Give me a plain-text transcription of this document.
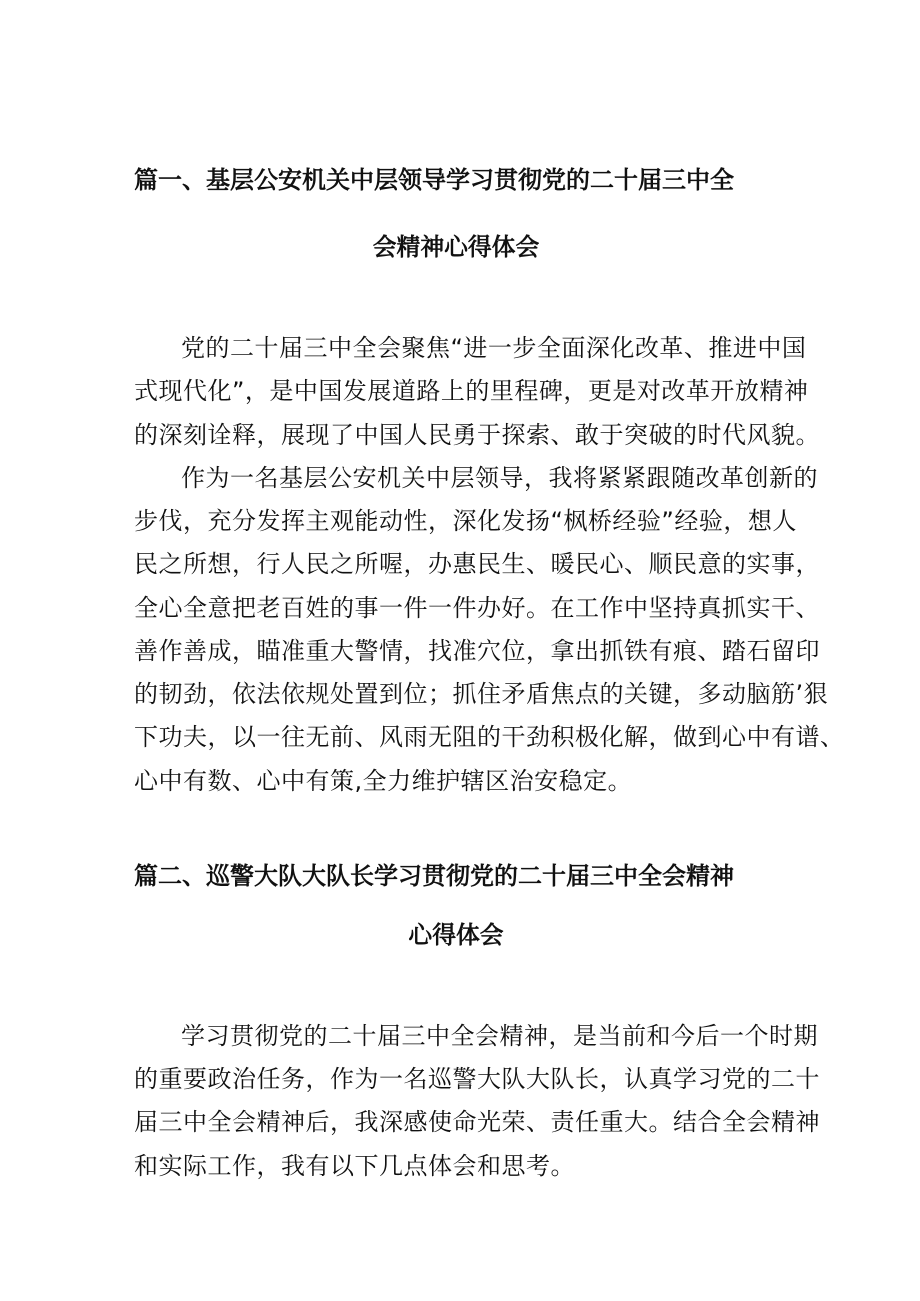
篇一、基层公安机关中层领导学习贯彻党的二十届三中全
会精神心得体会
党的二十届三中全会聚焦“进一步全面深化改革、推进中国
式现代化”，是中国发展道路上的里程碑，更是对改革开放精神
的深刻诠释，展现了中国人民勇于探索、敢于突破的时代风貌。
作为一名基层公安机关中层领导，我将紧紧跟随改革创新的
步伐，充分发挥主观能动性，深化发扬“枫桥经验”经验，想人
民之所想，行人民之所喔，办惠民生、暖民心、顺民意的实事，
全心全意把老百姓的事一件一件办好。在工作中坚持真抓实干、
善作善成，瞄准重大警情，找准穴位，拿出抓铁有痕、踏石留印
的韧劲，依法依规处置到位；抓住矛盾焦点的关键，多动脑筋’狠
下功夫，以一往无前、风雨无阻的干劲积极化解，做到心中有谱、
心中有数、心中有策,全力维护辖区治安稳定。
篇二、巡警大队大队长学习贯彻党的二十届三中全会精神
心得体会
学习贯彻党的二十届三中全会精神，是当前和今后一个时期
的重要政治任务，作为一名巡警大队大队长，认真学习党的二十
届三中全会精神后，我深感使命光荣、责任重大。结合全会精神
和实际工作，我有以下几点体会和思考。
